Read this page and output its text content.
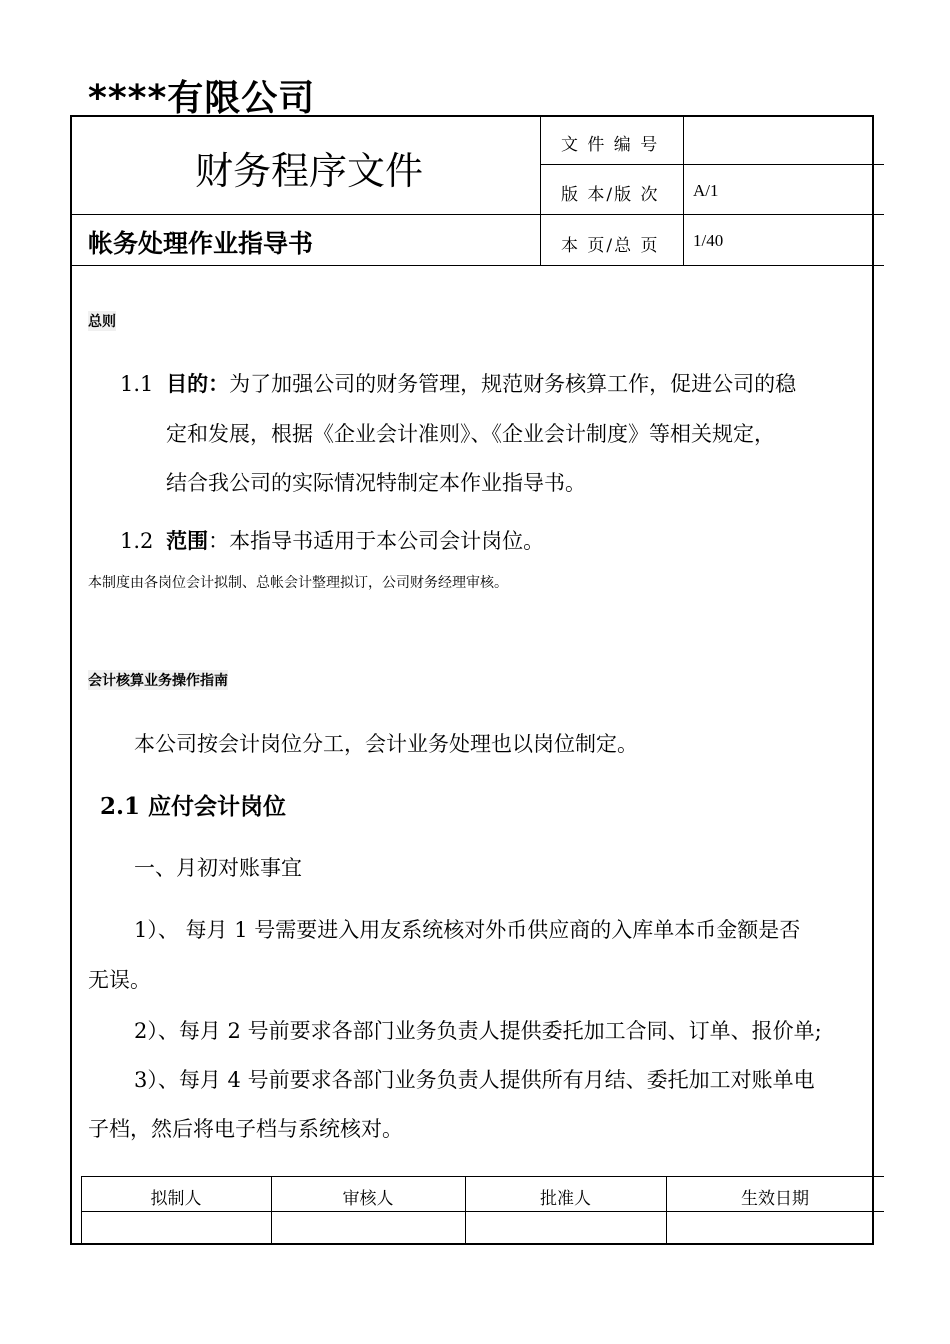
****有限公司
财务程序文件
帐务处理作业指导书
文 件 编 号
版 本/版 次 A/1
本 页/总 页 1/40
总则
1.1 目的：为了加强公司的财务管理，规范财务核算工作，促进公司的稳
定和发展，根据《企业会计准则》、《企业会计制度》等相关规定，
结合我公司的实际情况特制定本作业指导书。
1.2 范围：本指导书适用于本公司会计岗位。
本制度由各岗位会计拟制、总帐会计整理拟订，公司财务经理审核。
会计核算业务操作指南
本公司按会计岗位分工，会计业务处理也以岗位制定。
2.1 应付会计岗位
一、月初对账事宜
1）、 每月 1 号需要进入用友系统核对外币供应商的入库单本币金额是否
无误。
2）、每月 2 号前要求各部门业务负责人提供委托加工合同、订单、报价单;
3）、每月 4 号前要求各部门业务负责人提供所有月结、委托加工对账单电
子档，然后将电子档与系统核对。
拟制人	审核人	批准人	生效日期
